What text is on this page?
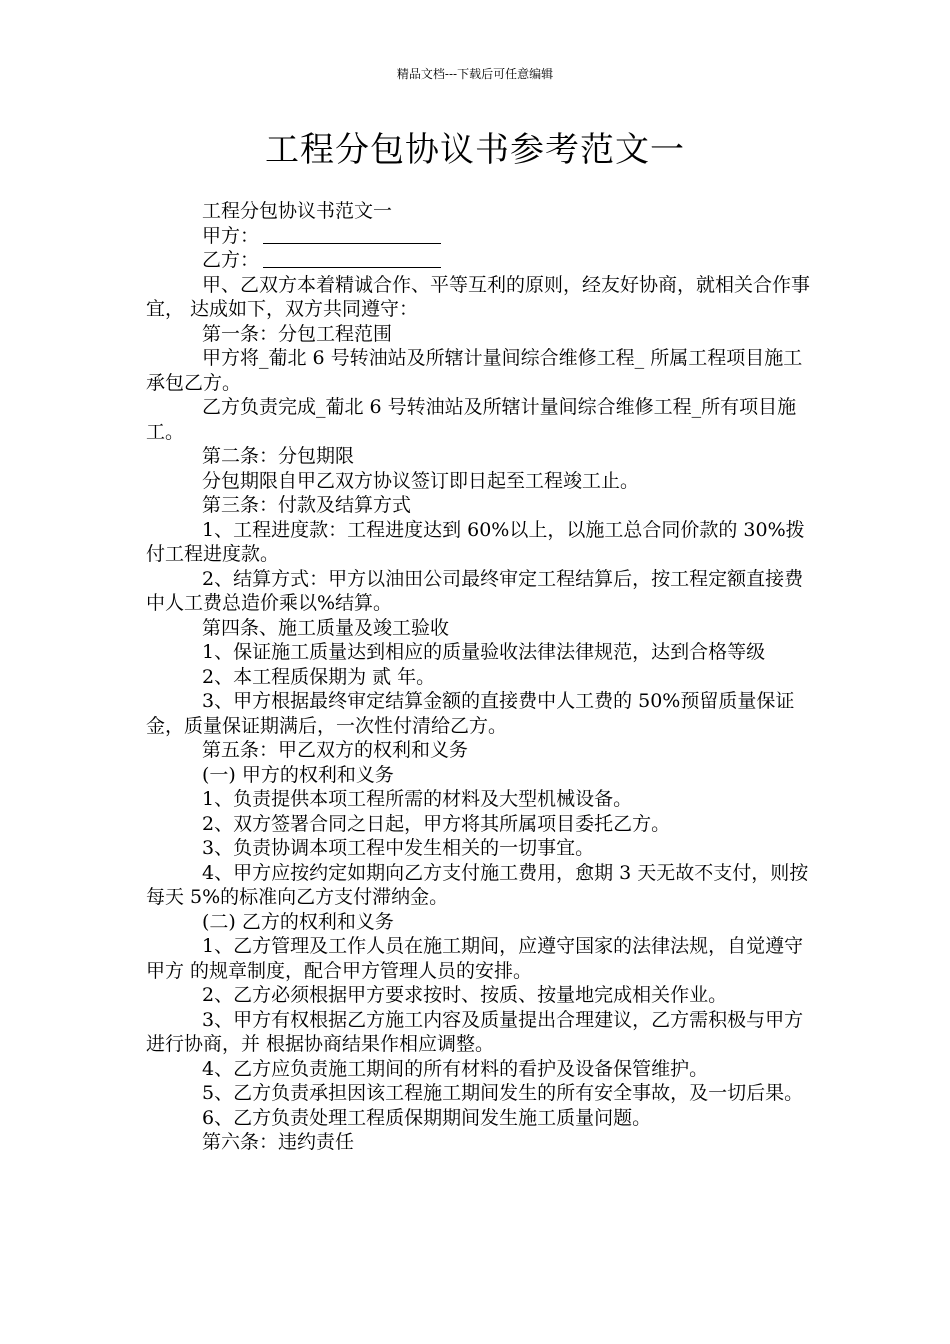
精品文档---下载后可任意编辑
工程分包协议书参考范文一

工程分包协议书范文一

甲方：

乙方：

甲、乙双方本着精诚合作、平等互利的原则，经友好协商，就相关合作事宜， 达成如下，双方共同遵守：

第一条：分包工程范围

甲方将_葡北 6 号转油站及所辖计量间综合维修工程_ 所属工程项目施工承包乙方。

乙方负责完成_葡北 6 号转油站及所辖计量间综合维修工程_所有项目施工。

第二条：分包期限

分包期限自甲乙双方协议签订即日起至工程竣工止。

第三条：付款及结算方式

1、工程进度款：工程进度达到 60%以上，以施工总合同价款的 30%拨付工程进度款。

2、结算方式：甲方以油田公司最终审定工程结算后，按工程定额直接费中人工费总造价乘以%结算。

第四条、施工质量及竣工验收

1、保证施工质量达到相应的质量验收法律法律规范，达到合格等级

2、本工程质保期为 贰 年。

3、甲方根据最终审定结算金额的直接费中人工费的 50%预留质量保证金，质量保证期满后，一次性付清给乙方。

第五条：甲乙双方的权利和义务

(一) 甲方的权利和义务

1、负责提供本项工程所需的材料及大型机械设备。

2、双方签署合同之日起，甲方将其所属项目委托乙方。

3、负责协调本项工程中发生相关的一切事宜。

4、甲方应按约定如期向乙方支付施工费用，愈期 3 天无故不支付，则按每天 5%的标准向乙方支付滞纳金。

(二) 乙方的权利和义务

1、乙方管理及工作人员在施工期间，应遵守国家的法律法规，自觉遵守甲方 的规章制度，配合甲方管理人员的安排。

2、乙方必须根据甲方要求按时、按质、按量地完成相关作业。

3、甲方有权根据乙方施工内容及质量提出合理建议，乙方需积极与甲方进行协商，并 根据协商结果作相应调整。

4、乙方应负责施工期间的所有材料的看护及设备保管维护。

5、乙方负责承担因该工程施工期间发生的所有安全事故，及一切后果。

6、乙方负责处理工程质保期期间发生施工质量问题。

第六条：违约责任
